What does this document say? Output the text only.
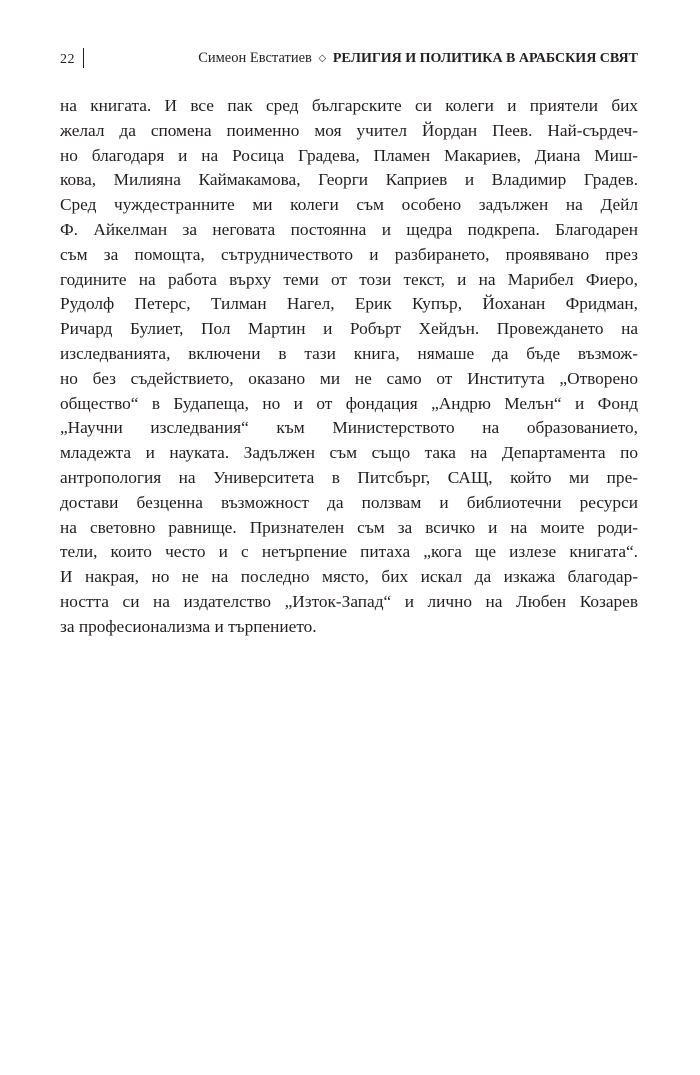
22	Симеон Евстатиев ◇ РЕЛИГИЯ И ПОЛИТИКА В АРАБСКИЯ СВЯТ
на книгата. И все пак сред българските си колеги и приятели бих
желал да спомена поименно моя учител Йордан Пеев. Най-сърдеч-
но благодаря и на Росица Градева, Пламен Макариев, Диана Миш-
кова, Милияна Каймакамова, Георги Каприев и Владимир Градев.
Сред чуждестранните ми колеги съм особено задължен на Дейл
Ф. Айкелман за неговата постоянна и щедра подкрепа. Благодарен
съм за помощта, сътрудничеството и разбирането, проявявано през
годините на работа върху теми от този текст, и на Марибел Фиеро,
Рудолф Петерс, Тилман Нагел, Ерик Купър, Йоханан Фридман,
Ричард Булиет, Пол Мартин и Робърт Хейдън. Провеждането на
изследванията, включени в тази книга, нямаше да бъде възмож-
но без съдействието, оказано ми не само от Института „Отворено
общество“ в Будапеща, но и от фондация „Андрю Мелън“ и Фонд
„Научни изследвания“ към Министерството на образованието,
младежта и науката. Задължен съм също така на Департамента по
антропология на Университета в Питсбърг, САЩ, който ми пре-
достави безценна възможност да ползвам и библиотечни ресурси
на световно равнище. Признателен съм за всичко и на моите роди-
тели, които често и с нетърпение питаха „кога ще излезе книгата“.
И накрая, но не на последно място, бих искал да изкажа благодар-
ността си на издателство „Изток-Запад“ и лично на Любен Козарев
за професионализма и търпението.
